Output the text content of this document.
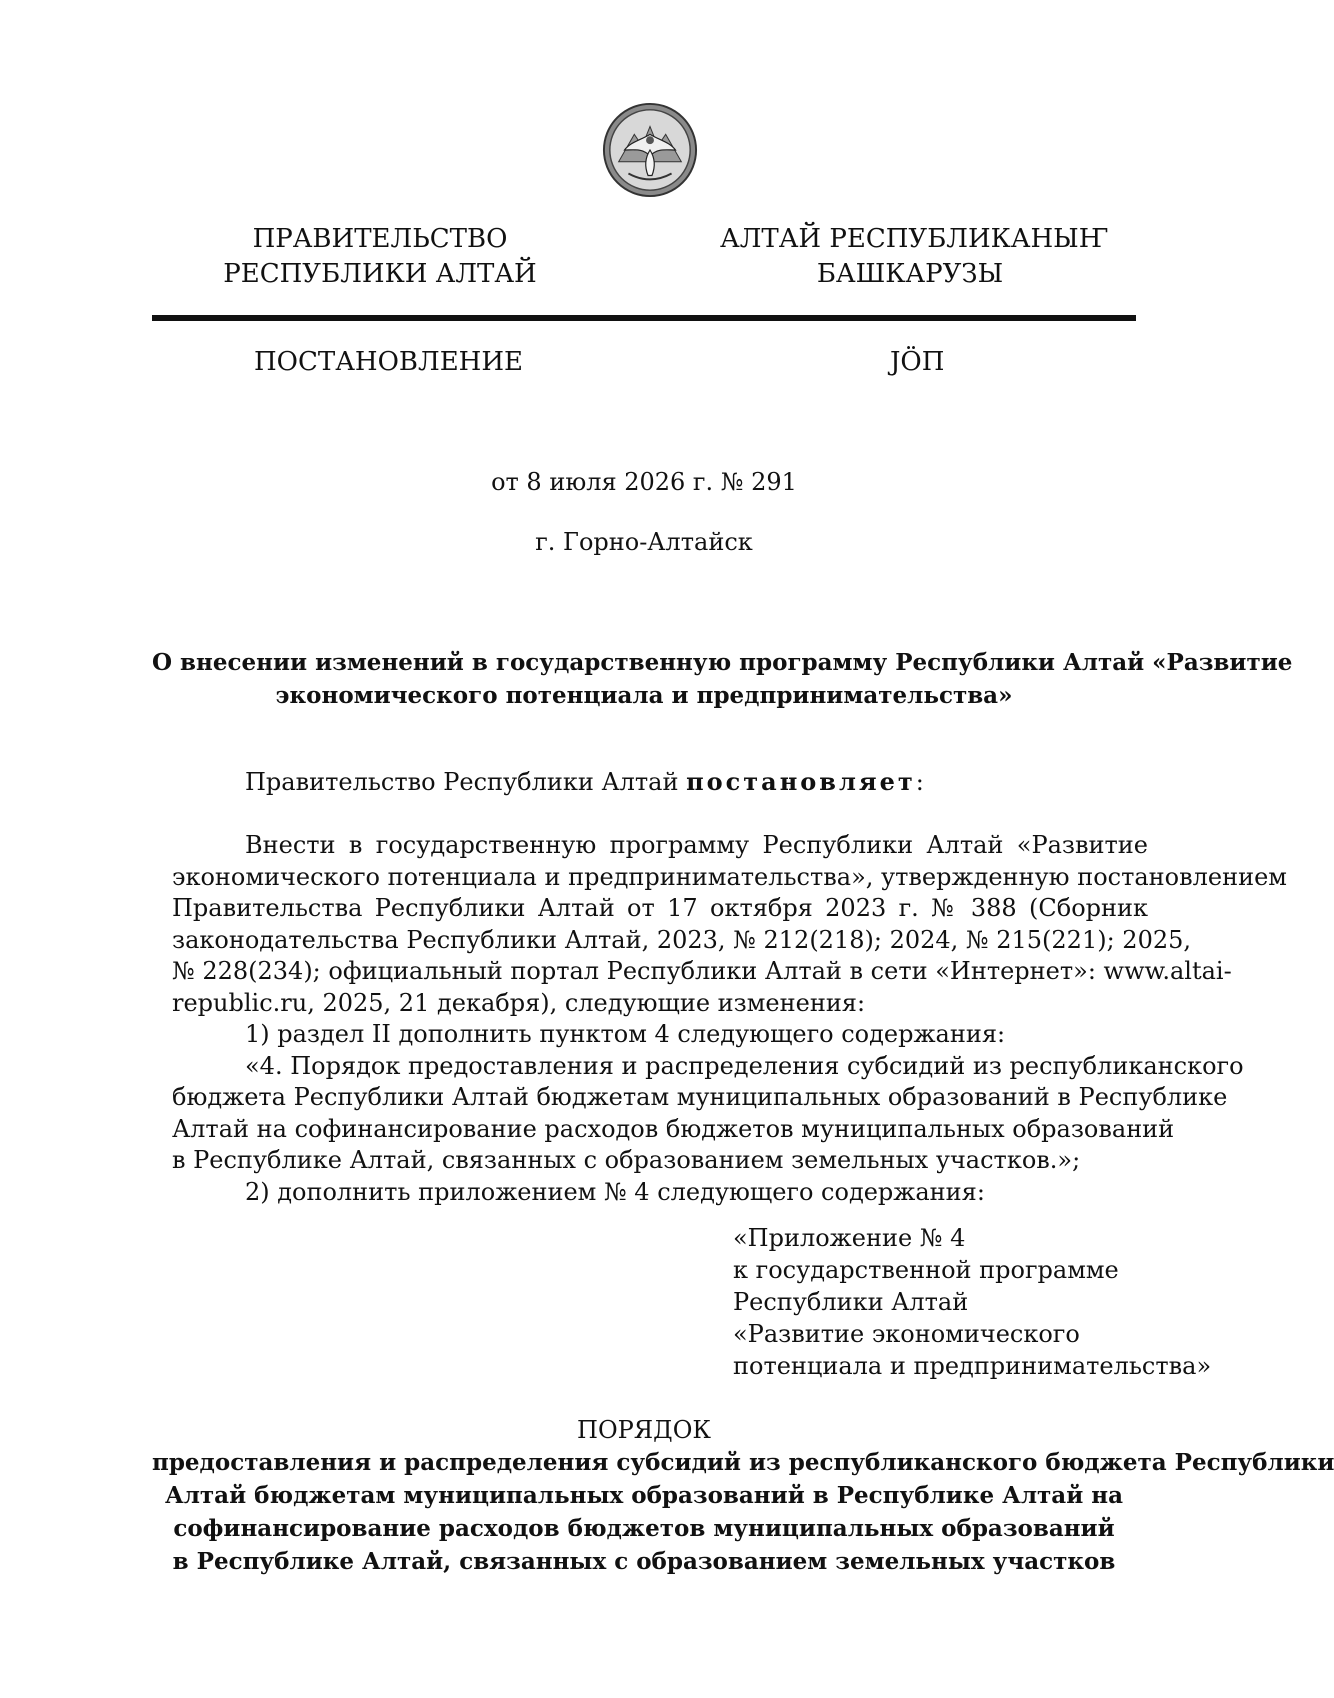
ПРАВИТЕЛЬСТВО
РЕСПУБЛИКИ АЛТАЙ
АЛТАЙ РЕСПУБЛИКАНЫҤ
БАШКАРУЗЫ
ПОСТАНОВЛЕНИЕ	JӦП
от 8 июля 2026 г. № 291
г. Горно-Алтайск
О внесении изменений в государственную программу Республики Алтай «Развитие
экономического потенциала и предпринимательства»
Правительство Республики Алтай постановляет:
Внести в государственную программу Республики Алтай «Развитие
экономического потенциала и предпринимательства», утвержденную постановлением
Правительства Республики Алтай от 17 октября 2023 г. № 388 (Сборник
законодательства Республики Алтай, 2023, № 212(218); 2024, № 215(221); 2025,
№ 228(234); официальный портал Республики Алтай в сети «Интернет»: www.altai-
republic.ru, 2025, 21 декабря), следующие изменения:
1) раздел II дополнить пунктом 4 следующего содержания:
«4. Порядок предоставления и распределения субсидий из республиканского
бюджета Республики Алтай бюджетам муниципальных образований в Республике
Алтай на софинансирование расходов бюджетов муниципальных образований
в Республике Алтай, связанных с образованием земельных участков.»;
2) дополнить приложением № 4 следующего содержания:
«Приложение № 4
к государственной программе
Республики Алтай
«Развитие экономического
потенциала и предпринимательства»
ПОРЯДОК
предоставления и распределения субсидий из республиканского бюджета Республики
Алтай бюджетам муниципальных образований в Республике Алтай на
софинансирование расходов бюджетов муниципальных образований
в Республике Алтай, связанных с образованием земельных участков
